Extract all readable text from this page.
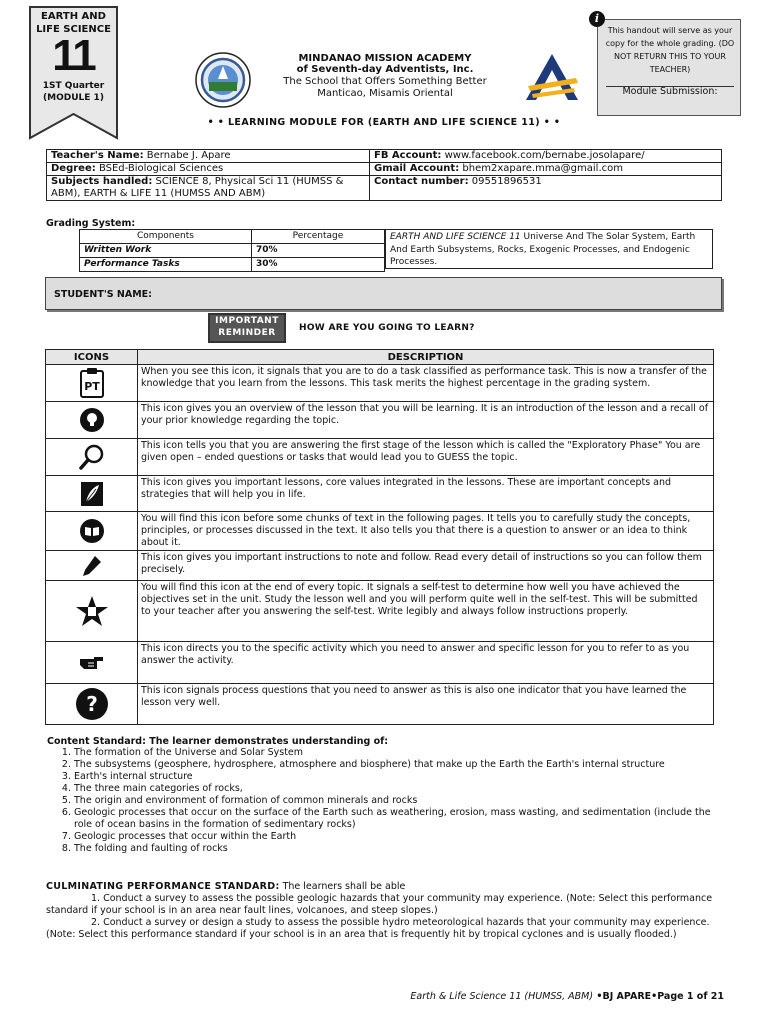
EARTH AND LIFE SCIENCE
11
1ST Quarter
(MODULE 1)
MINDANAO MISSION ACADEMY
of Seventh-day Adventists, Inc.
The School that Offers Something Better
Manticao, Misamis Oriental
This handout will serve as your copy for the whole grading. (DO NOT RETURN THIS TO YOUR TEACHER)
Module Submission:
i
• • LEARNING MODULE FOR (EARTH AND LIFE SCIENCE 11) • •
Teacher's Name: Bernabe J. Apare	FB Account: www.facebook.com/bernabe.josolapare/
Degree: BSEd-Biological Sciences	Gmail Account: bhem2xapare.mma@gmail.com
Subjects handled: SCIENCE 8, Physical Sci 11 (HUMSS & ABM), EARTH & LIFE 11 (HUMSS AND ABM)	Contact number: 09551896531
Grading System:
Components	Percentage
Written Work	70%
Performance Tasks	30%
EARTH AND LIFE SCIENCE 11 Universe And The Solar System, Earth And Earth Subsystems, Rocks, Exogenic Processes, and Endogenic Processes.
STUDENT'S NAME:
IMPORTANT
REMINDER	HOW ARE YOU GOING TO LEARN?
ICONS	DESCRIPTION

PT	When you see this icon, it signals that you are to do a task classified as performance task. This is now a transfer of the knowledge that you learn from the lessons. This task merits the highest percentage in the grading system.
	This icon gives you an overview of the lesson that you will be learning. It is an introduction of the lesson and a recall of your prior knowledge regarding the topic.
	This icon tells you that you are answering the first stage of the lesson which is called the "Exploratory Phase" You are given open – ended questions or tasks that would lead you to GUESS the topic.
	This icon gives you important lessons, core values integrated in the lessons. These are important concepts and strategies that will help you in life.
	You will find this icon before some chunks of text in the following pages. It tells you to carefully study the concepts, principles, or processes discussed in the text. It also tells you that there is a question to answer or an idea to think about it.
	This icon gives you important instructions to note and follow. Read every detail of instructions so you can follow them precisely.
	You will find this icon at the end of every topic. It signals a self-test to determine how well you have achieved the objectives set in the unit. Study the lesson well and you will perform quite well in the self-test. This will be submitted to your teacher after you answering the self-test. Write legibly and always follow instructions properly.
	This icon directs you to the specific activity which you need to answer and specific lesson for you to refer to as you answer the activity.

?	This icon signals process questions that you need to answer as this is also one indicator that you have learned the lesson very well.
Content Standard: The learner demonstrates understanding of:
1. The formation of the Universe and Solar System
2. The subsystems (geosphere, hydrosphere, atmosphere and biosphere) that make up the Earth the Earth's internal structure
3. Earth's internal structure
4. The three main categories of rocks,
5. The origin and environment of formation of common minerals and rocks
6. Geologic processes that occur on the surface of the Earth such as weathering, erosion, mass wasting, and sedimentation (include the role of ocean basins in the formation of sedimentary rocks)
7. Geologic processes that occur within the Earth
8. The folding and faulting of rocks
CULMINATING PERFORMANCE STANDARD: The learners shall be able
1. Conduct a survey to assess the possible geologic hazards that your community may experience. (Note: Select this performance standard if your school is in an area near fault lines, volcanoes, and steep slopes.)
2. Conduct a survey or design a study to assess the possible hydro meteorological hazards that your community may experience. (Note: Select this performance standard if your school is in an area that is frequently hit by tropical cyclones and is usually flooded.)
Earth & Life Science 11 (HUMSS, ABM) •BJ APARE•Page 1 of 21
